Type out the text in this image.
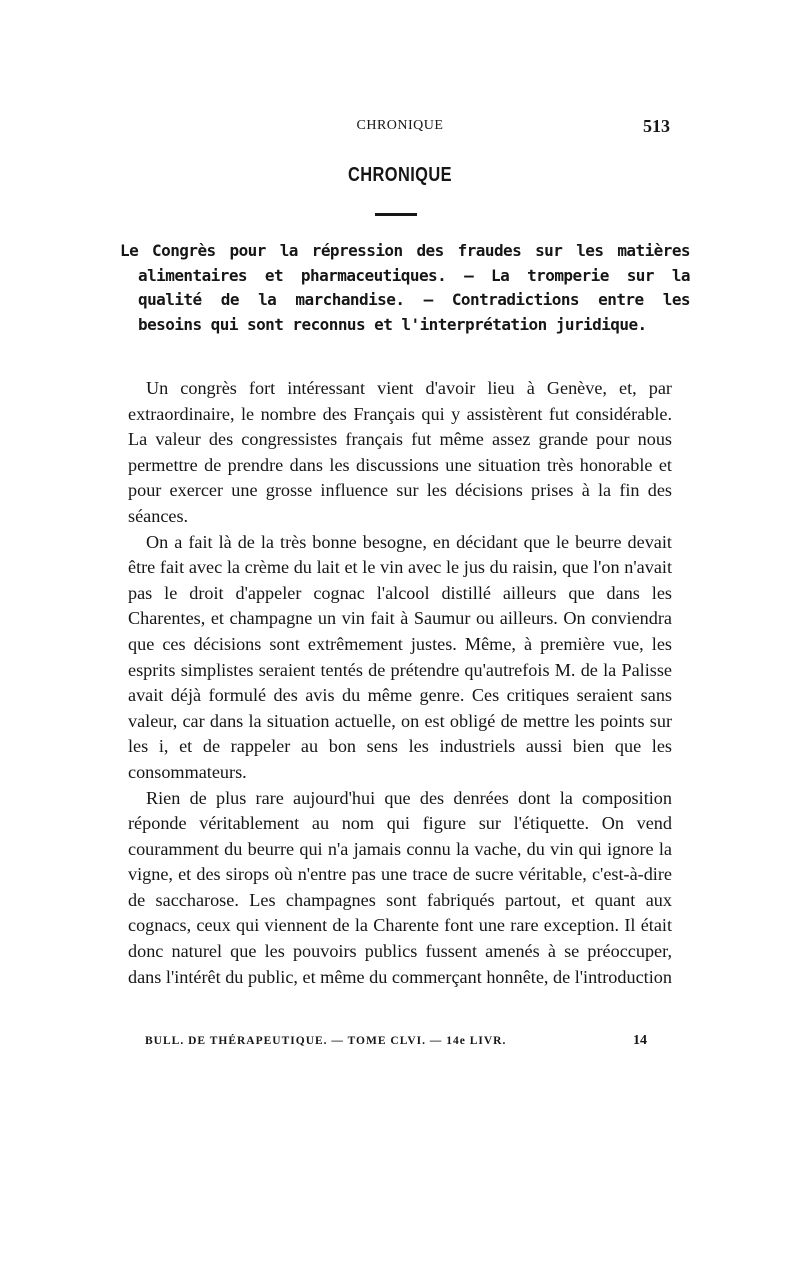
CHRONIQUE	513
CHRONIQUE

Le Congrès pour la répression des fraudes sur les matières alimentaires et pharmaceutiques. — La tromperie sur la qualité de la marchandise. — Contradictions entre les besoins qui sont reconnus et l'interprétation juridique.

Un congrès fort intéressant vient d'avoir lieu à Genève, et, par extraordinaire, le nombre des Français qui y assistèrent fut considérable. La valeur des congressistes français fut même assez grande pour nous permettre de prendre dans les discussions une situation très honorable et pour exercer une grosse influence sur les décisions prises à la fin des séances.

On a fait là de la très bonne besogne, en décidant que le beurre devait être fait avec la crème du lait et le vin avec le jus du raisin, que l'on n'avait pas le droit d'appeler cognac l'alcool distillé ailleurs que dans les Charentes, et champagne un vin fait à Saumur ou ailleurs. On conviendra que ces décisions sont extrêmement justes. Même, à première vue, les esprits simplistes seraient tentés de prétendre qu'autrefois M. de la Palisse avait déjà formulé des avis du même genre. Ces critiques seraient sans valeur, car dans la situation actuelle, on est obligé de mettre les points sur les i, et de rappeler au bon sens les industriels aussi bien que les consommateurs.

Rien de plus rare aujourd'hui que des denrées dont la composition réponde véritablement au nom qui figure sur l'étiquette. On vend couramment du beurre qui n'a jamais connu la vache, du vin qui ignore la vigne, et des sirops où n'entre pas une trace de sucre véritable, c'est-à-dire de saccharose. Les champagnes sont fabriqués partout, et quant aux cognacs, ceux qui viennent de la Charente font une rare exception. Il était donc naturel que les pouvoirs publics fussent amenés à se préoccuper, dans l'intérêt du public, et même du commerçant honnête, de l'introduction

BULL. DE THÉRAPEUTIQUE. — TOME CLVI. — 14e LIVR.	14
